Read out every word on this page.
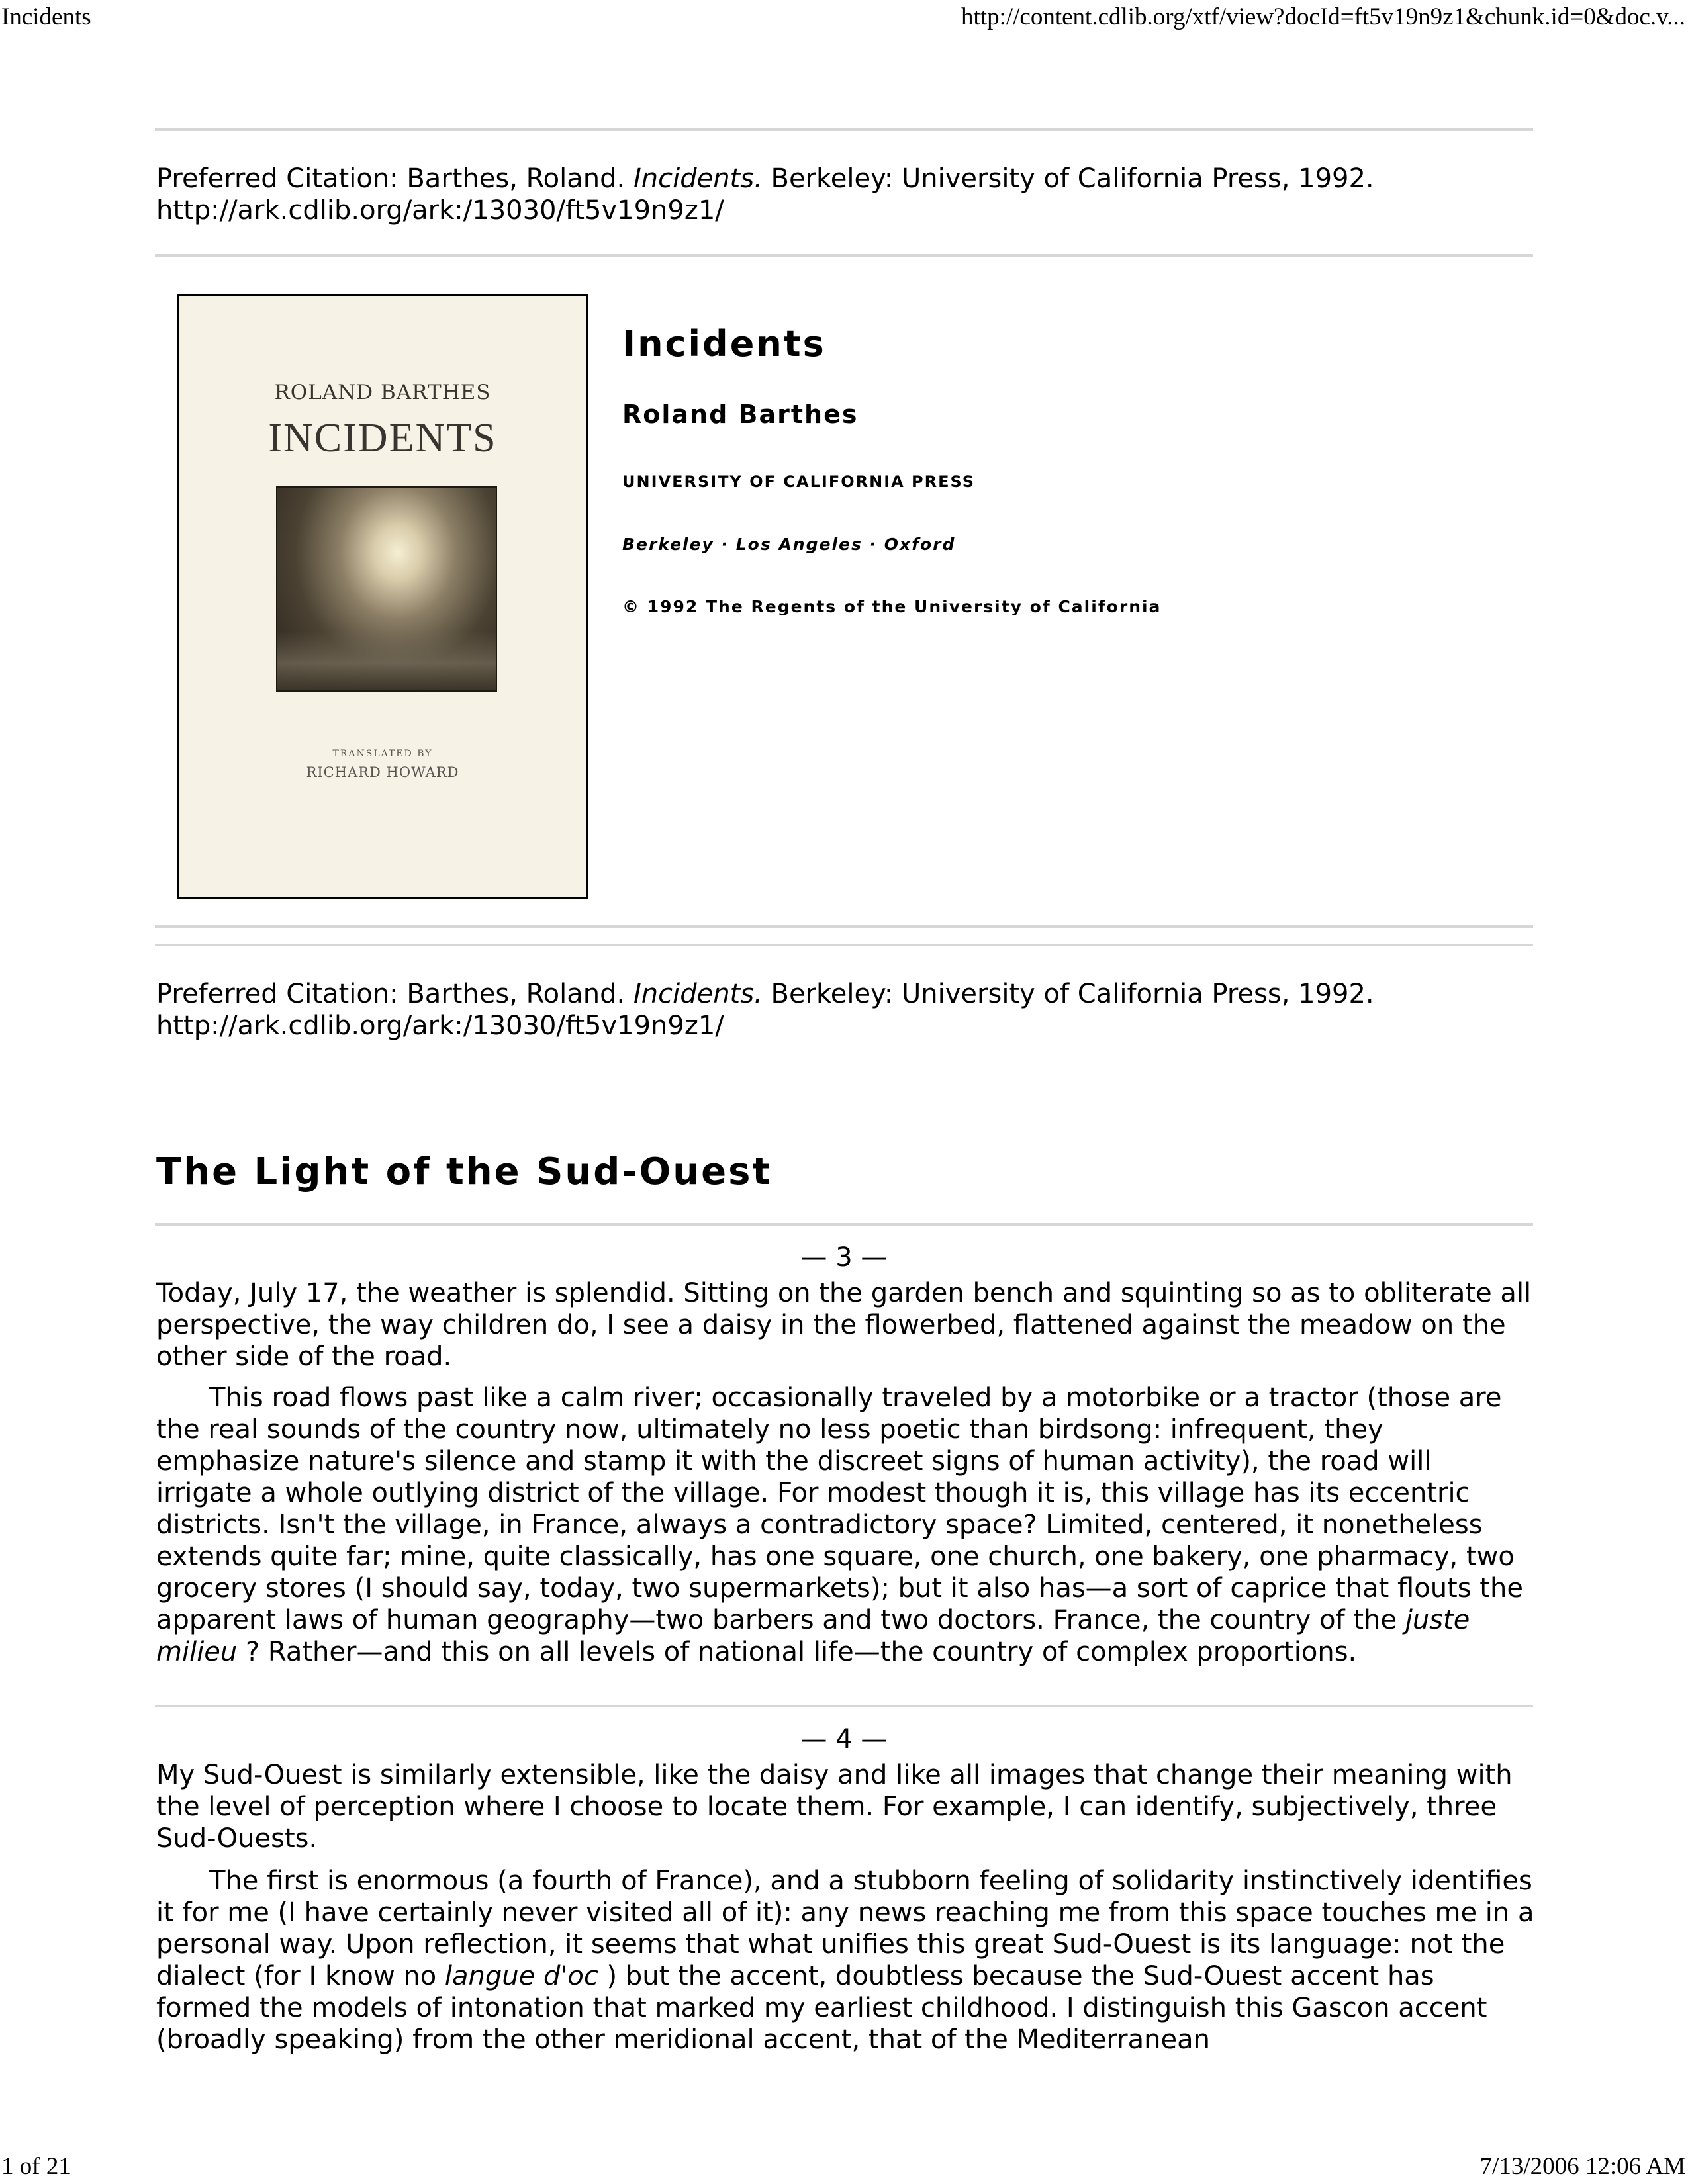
Incidents	http://content.cdlib.org/xtf/view?docId=ft5v19n9z1&chunk.id=0&doc.v...
Preferred Citation: Barthes, Roland. Incidents. Berkeley: University of California Press, 1992.
http://ark.cdlib.org/ark:/13030/ft5v19n9z1/
ROLAND BARTHES
INCIDENTS
TRANSLATED BY
RICHARD HOWARD
Incidents
Roland Barthes
UNIVERSITY OF CALIFORNIA PRESS
Berkeley · Los Angeles · Oxford
© 1992 The Regents of the University of California
Preferred Citation: Barthes, Roland. Incidents. Berkeley: University of California Press, 1992.
http://ark.cdlib.org/ark:/13030/ft5v19n9z1/
The Light of the Sud-Ouest
— 3 —

Today, July 17, the weather is splendid. Sitting on the garden bench and squinting so as to obliterate all perspective, the way children do, I see a daisy in the flowerbed, flattened against the meadow on the other side of the road.

This road flows past like a calm river; occasionally traveled by a motorbike or a tractor (those are the real sounds of the country now, ultimately no less poetic than birdsong: infrequent, they emphasize nature's silence and stamp it with the discreet signs of human activity), the road will irrigate a whole outlying district of the village. For modest though it is, this village has its eccentric districts. Isn't the village, in France, always a contradictory space? Limited, centered, it nonetheless extends quite far; mine, quite classically, has one square, one church, one bakery, one pharmacy, two grocery stores (I should say, today, two supermarkets); but it also has—a sort of caprice that flouts the apparent laws of human geography—two barbers and two doctors. France, the country of the juste milieu ? Rather—and this on all levels of national life—the country of complex proportions.

— 4 —

My Sud-Ouest is similarly extensible, like the daisy and like all images that change their meaning with the level of perception where I choose to locate them. For example, I can identify, subjectively, three Sud-Ouests.

The first is enormous (a fourth of France), and a stubborn feeling of solidarity instinctively identifies it for me (I have certainly never visited all of it): any news reaching me from this space touches me in a personal way. Upon reflection, it seems that what unifies this great Sud-Ouest is its language: not the dialect (for I know no langue d'oc ) but the accent, doubtless because the Sud-Ouest accent has formed the models of intonation that marked my earliest childhood. I distinguish this Gascon accent (broadly speaking) from the other meridional accent, that of the Mediterranean

1 of 21	7/13/2006 12:06 AM
